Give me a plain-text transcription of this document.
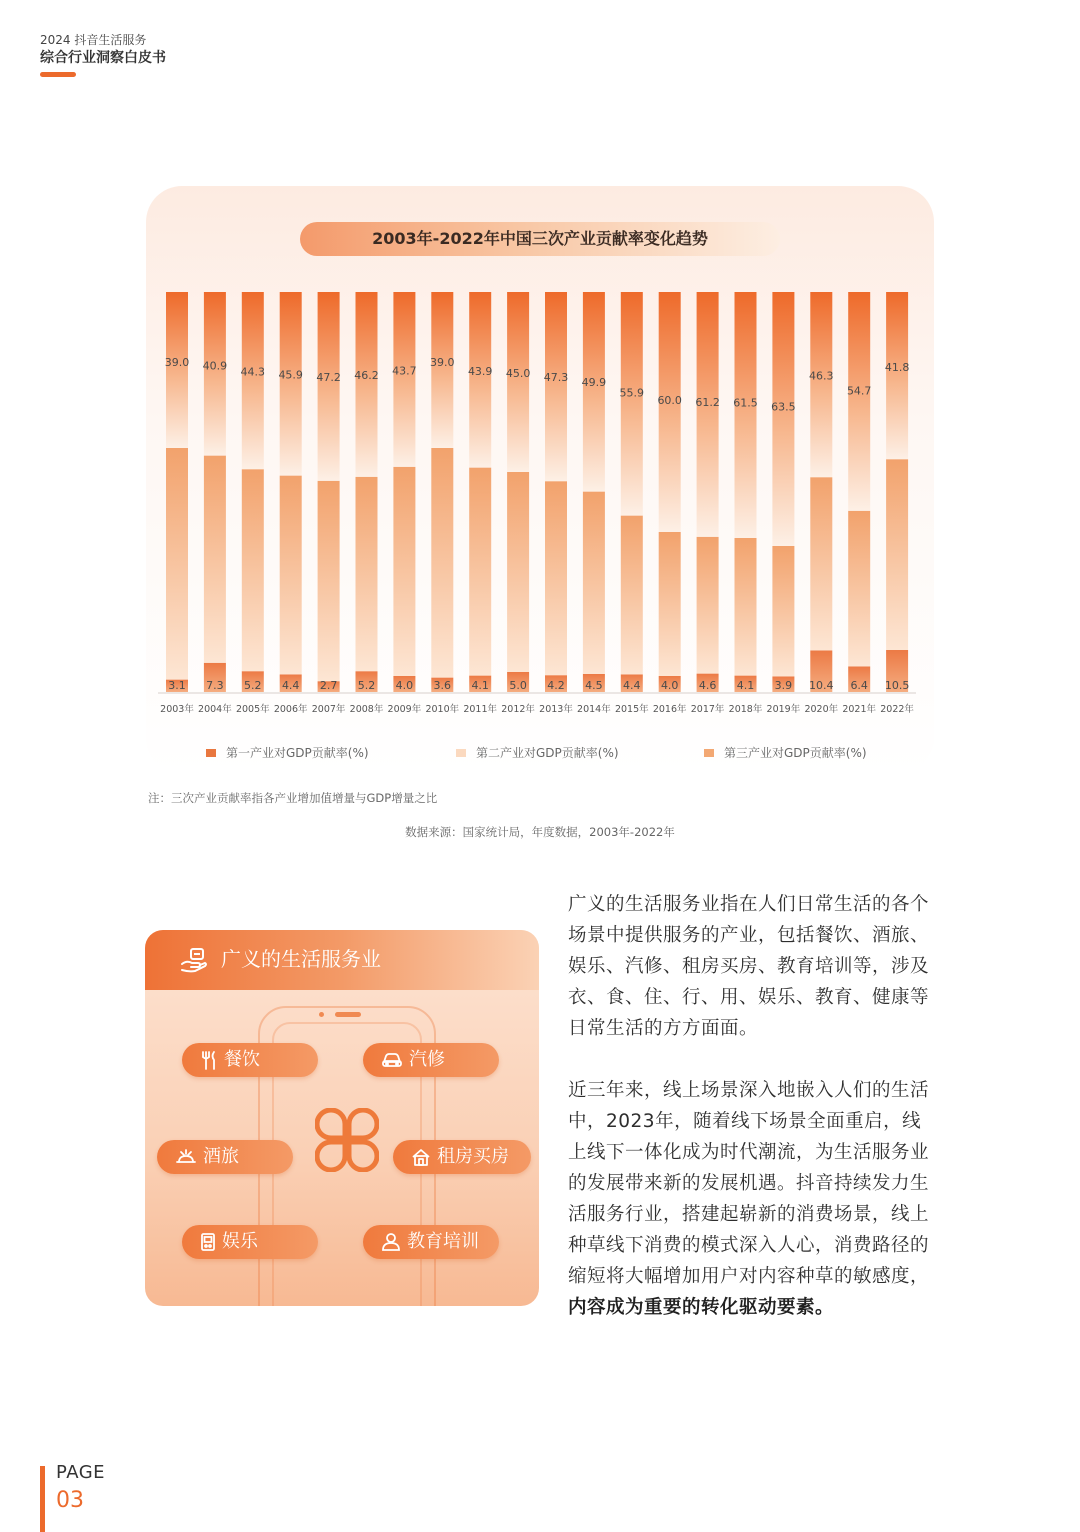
2024 抖音生活服务
综合行业洞察白皮书
2003年-2022年中国三次产业贡献率变化趋势
3.1
39.0
2003年
7.3
40.9
2004年
5.2
44.3
2005年
4.4
45.9
2006年
2.7
47.2
2007年
5.2
46.2
2008年
4.0
43.7
2009年
3.6
39.0
2010年
4.1
43.9
2011年
5.0
45.0
2012年
4.2
47.3
2013年
4.5
49.9
2014年
4.4
55.9
2015年
4.0
60.0
2016年
4.6
61.2
2017年
4.1
61.5
2018年
3.9
63.5
2019年
10.4
46.3
2020年
6.4
54.7
2021年
10.5
41.8
2022年
第一产业对GDP贡献率(%)	第二产业对GDP贡献率(%)	第三产业对GDP贡献率(%)
注：三次产业贡献率指各产业增加值增量与GDP增量之比
数据来源：国家统计局，年度数据，2003年-2022年
广义的生活服务业
餐饮	汽修
酒旅	租房买房
娱乐	教育培训
广义的生活服务业指在人们日常生活的各个场景中提供服务的产业，包括餐饮、酒旅、娱乐、汽修、租房买房、教育培训等，涉及衣、食、住、行、用、娱乐、教育、健康等日常生活的方方面面。
近三年来，线上场景深入地嵌入人们的生活中，2023年，随着线下场景全面重启，线上线下一体化成为时代潮流，为生活服务业的发展带来新的发展机遇。抖音持续发力生活服务行业，搭建起崭新的消费场景，线上种草线下消费的模式深入人心，消费路径的缩短将大幅增加用户对内容种草的敏感度，内容成为重要的转化驱动要素。
PAGE
03
